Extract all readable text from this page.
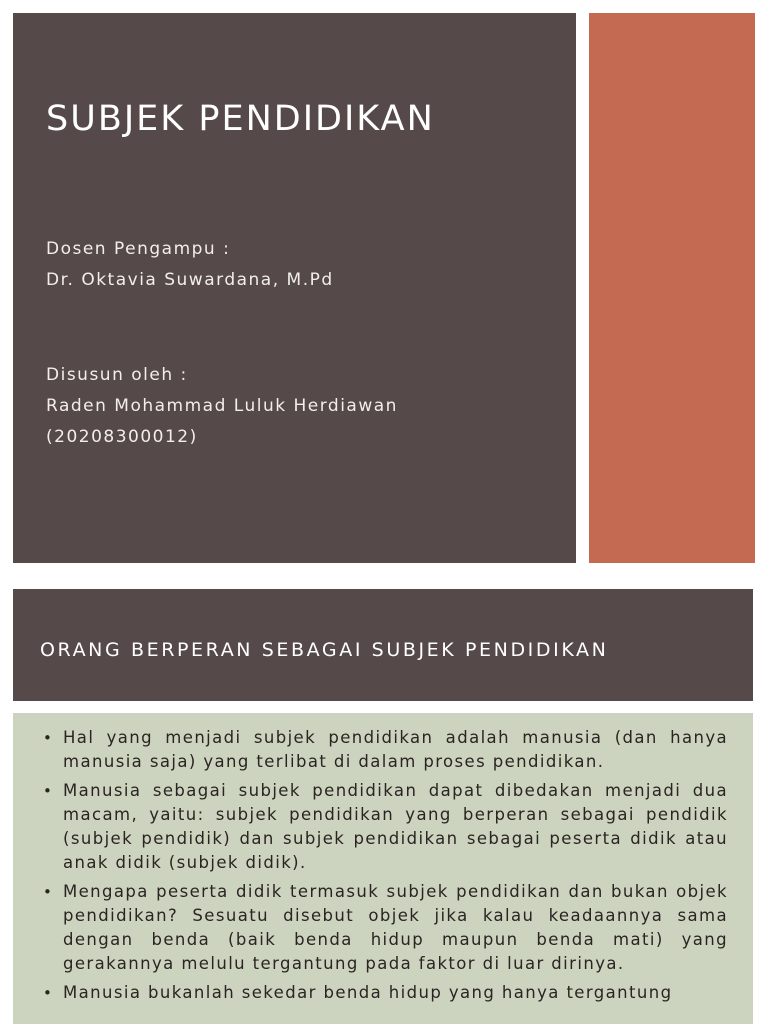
SUBJEK PENDIDIKAN
Dosen Pengampu :
Dr. Oktavia Suwardana, M.Pd
Disusun oleh :
Raden Mohammad Luluk Herdiawan
(20208300012)
ORANG BERPERAN SEBAGAI SUBJEK PENDIDIKAN
• Hal yang menjadi subjek pendidikan adalah manusia (dan hanya manusia saja) yang terlibat di dalam proses pendidikan.
• Manusia sebagai subjek pendidikan dapat dibedakan menjadi dua macam, yaitu: subjek pendidikan yang berperan sebagai pendidik (subjek pendidik) dan subjek pendidikan sebagai peserta didik atau anak didik (subjek didik).
• Mengapa peserta didik termasuk subjek pendidikan dan bukan objek pendidikan? Sesuatu disebut objek jika kalau keadaannya sama dengan benda (baik benda hidup maupun benda mati) yang gerakannya melulu tergantung pada faktor di luar dirinya.
• Manusia bukanlah sekedar benda hidup yang hanya tergantung
